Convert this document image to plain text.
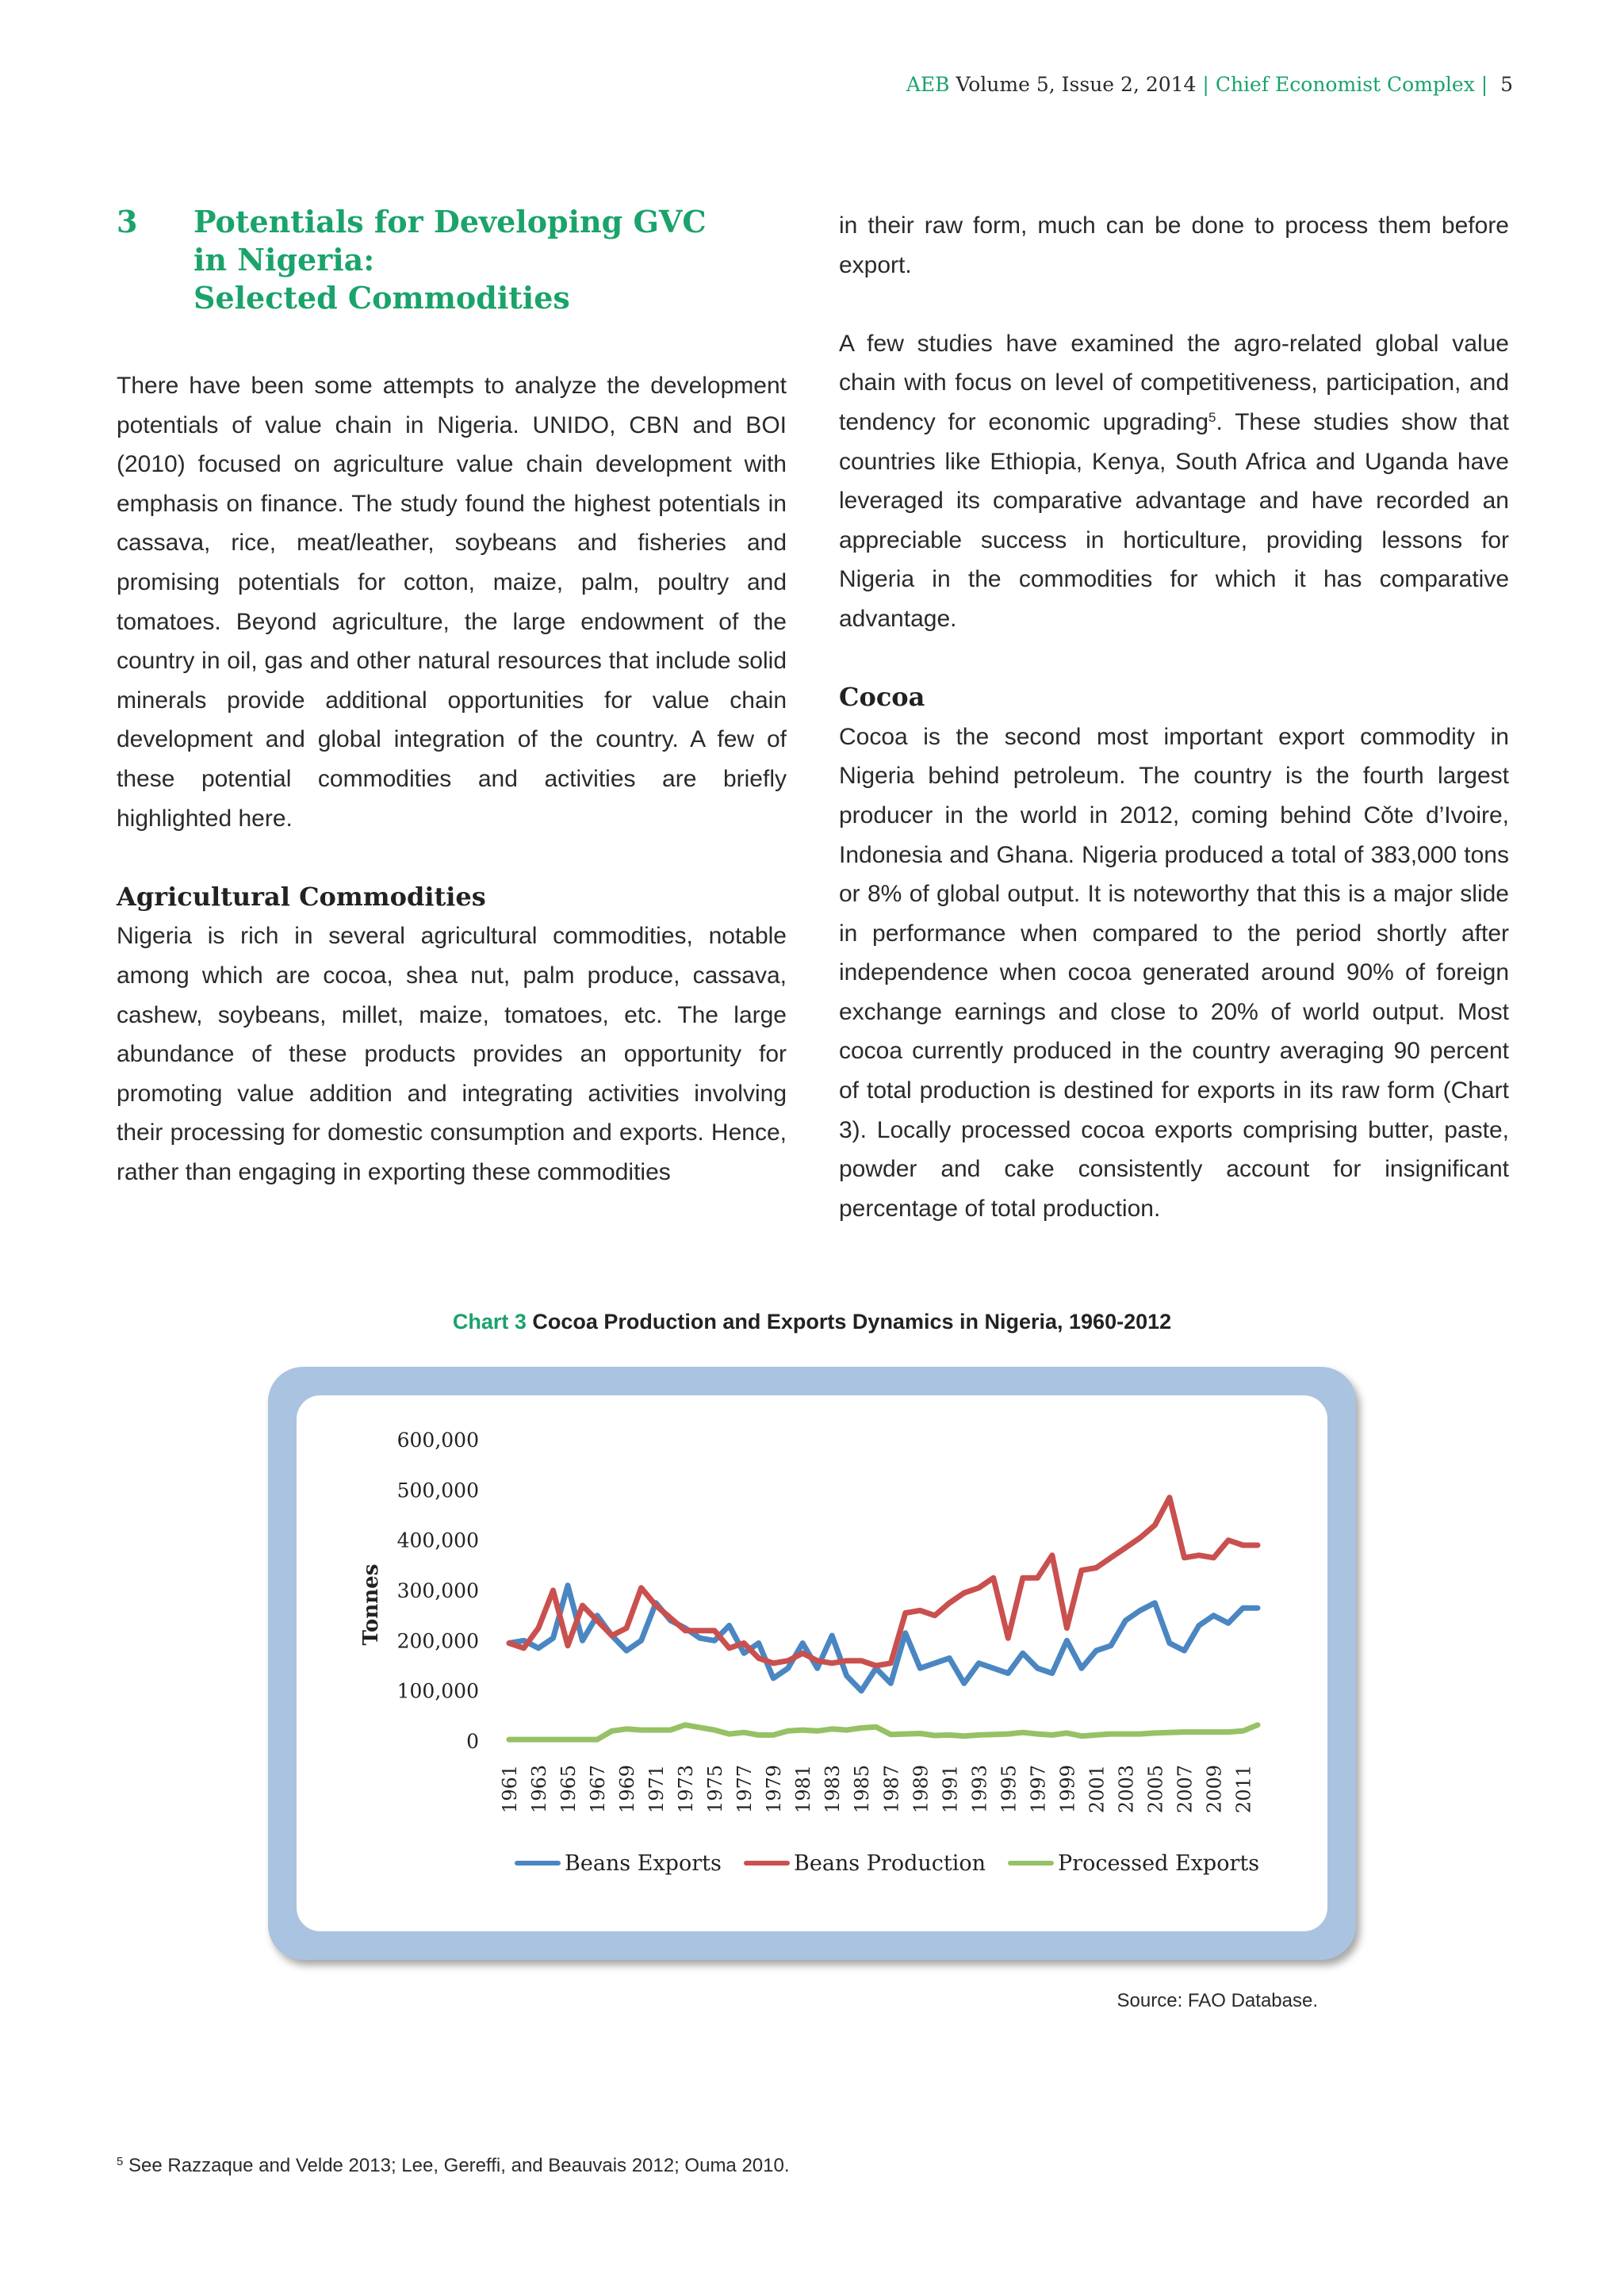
AEB Volume 5, Issue 2, 2014 | Chief Economist Complex | 5
3 Potentials for Developing GVC
in Nigeria:
Selected Commodities

There have been some attempts to analyze the development potentials of value chain in Nigeria. UNIDO, CBN and BOI (2010) focused on agriculture value chain development with emphasis on finance. The study found the highest potentials in cassava, rice, meat/leather, soybeans and fisheries and promising potentials for cotton, maize, palm, poultry and tomatoes. Beyond agriculture, the large endowment of the country in oil, gas and other natural resources that include solid minerals provide additional opportunities for value chain development and global integration of the country. A few of these potential commodities and activities are briefly highlighted here.

Agricultural Commodities

Nigeria is rich in several agricultural commodities, notable among which are cocoa, shea nut, palm produce, cassava, cashew, soybeans, millet, maize, tomatoes, etc. The large abundance of these products provides an opportunity for promoting value addition and integrating activities involving their processing for domestic consumption and exports. Hence, rather than engaging in exporting these commodities

in their raw form, much can be done to process them before export.

A few studies have examined the agro-related global value chain with focus on level of competitiveness, participation, and tendency for economic upgrading$^5$. These studies show that countries like Ethiopia, Kenya, South Africa and Uganda have leveraged its comparative advantage and have recorded an appreciable success in horticulture, providing lessons for Nigeria in the commodities for which it has comparative advantage.

Cocoa

Cocoa is the second most important export commodity in Nigeria behind petroleum. The country is the fourth largest producer in the world in 2012, coming behind Cǒte d’Ivoire, Indonesia and Ghana. Nigeria produced a total of 383,000 tons or 8% of global output. It is noteworthy that this is a major slide in performance when compared to the period shortly after independence when cocoa generated around 90% of foreign exchange earnings and close to 20% of world output. Most cocoa currently produced in the country averaging 90 percent of total production is destined for exports in its raw form (Chart 3). Locally processed cocoa exports comprising butter, paste, powder and cake consistently account for insignificant percentage of total production.

Chart 3 Cocoa Production and Exports Dynamics in Nigeria, 1960-2012
0
100,000
200,000
300,000
400,000
500,000
600,000
Tonnes
1961 1963 1965 1967 1969 1971 1973 1975 1977 1979 1981 1983 1985 1987 1989 1991 1993 1995 1997 1999 2001 2003 2005 2007 2009 2011
Beans Exports	Beans Production	Processed Exports
Source: FAO Database.
$^5$ See Razzaque and Velde 2013; Lee, Gereffi, and Beauvais 2012; Ouma 2010.
